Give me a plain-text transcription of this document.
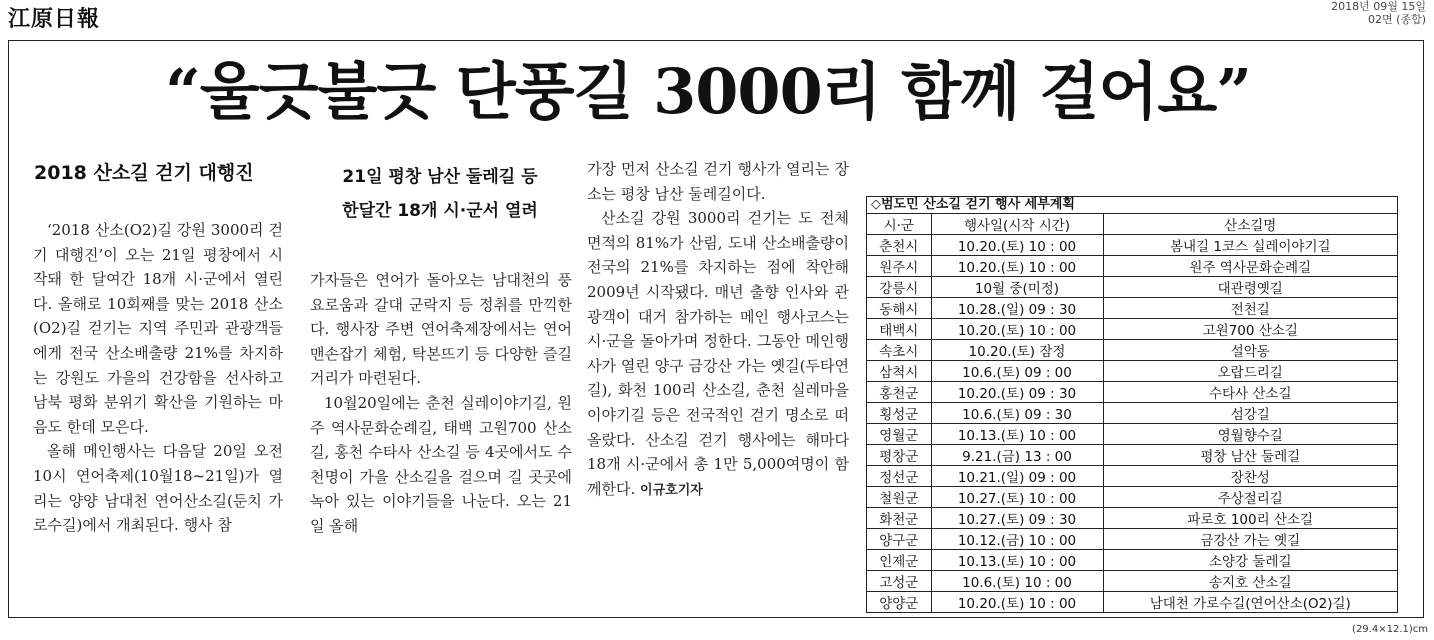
江原日報	2018년 09월 15일
02면 (종합)
“울긋불긋 단풍길 3000리 함께 걸어요”
2018 산소길 걷기 대행진	21일 평창 남산 둘레길 등
한달간 18개 시·군서 열려

‘2018 산소(O2)길 강원 3000리 걷기 대행진’이 오는 21일 평창에서 시작돼 한 달여간 18개 시·군에서 열린다. 올해로 10회째를 맞는 2018 산소(O2)길 걷기는 지역 주민과 관광객들에게 전국 산소배출량 21%를 차지하는 강원도 가을의 건강함을 선사하고 남북 평화 분위기 확산을 기원하는 마음도 한데 모은다.

올해 메인행사는 다음달 20일 오전 10시 연어축제(10월18~21일)가 열리는 양양 남대천 연어산소길(둔치 가로수길)에서 개최된다. 행사 참

가자들은 연어가 돌아오는 남대천의 풍요로움과 갈대 군락지 등 정취를 만끽한다. 행사장 주변 연어축제장에서는 연어 맨손잡기 체험, 탁본뜨기 등 다양한 즐길 거리가 마련된다.

10월20일에는 춘천 실레이야기길, 원주 역사문화순례길, 태백 고원700 산소길, 홍천 수타사 산소길 등 4곳에서도 수천명이 가을 산소길을 걸으며 길 곳곳에 녹아 있는 이야기들을 나눈다. 오는 21일 올해

가장 먼저 산소길 걷기 행사가 열리는 장소는 평창 남산 둘레길이다.

산소길 강원 3000리 걷기는 도 전체 면적의 81%가 산림, 도내 산소배출량이 전국의 21%를 차지하는 점에 착안해 2009년 시작됐다. 매년 출향 인사와 관광객이 대거 참가하는 메인 행사코스는 시·군을 돌아가며 정한다. 그동안 메인행사가 열린 양구 금강산 가는 옛길(두타연길), 화천 100리 산소길, 춘천 실레마을 이야기길 등은 전국적인 걷기 명소로 떠올랐다. 산소길 걷기 행사에는 해마다 18개 시·군에서 총 1만 5,000여명이 함께한다. 이규호기자

◇범도민 산소길 걷기 행사 세부계획
시·군	행사일(시작 시간)	산소길명
춘천시	10.20.(토) 10 : 00	봄내길 1코스 실레이야기길
원주시	10.20.(토) 10 : 00	원주 역사문화순례길
강릉시	10월 중(미정)	대관령옛길
동해시	10.28.(일) 09 : 30	전천길
태백시	10.20.(토) 10 : 00	고원700 산소길
속초시	10.20.(토) 잠정	설악동
삼척시	10.6.(토) 09 : 00	오랍드리길
홍천군	10.20.(토) 09 : 30	수타사 산소길
횡성군	10.6.(토) 09 : 30	섬강길
영월군	10.13.(토) 10 : 00	영월향수길
평창군	9.21.(금) 13 : 00	평창 남산 둘레길
정선군	10.21.(일) 09 : 00	장찬성
철원군	10.27.(토) 10 : 00	주상절리길
화천군	10.27.(토) 09 : 30	파로호 100리 산소길
양구군	10.12.(금) 10 : 00	금강산 가는 옛길
인제군	10.13.(토) 10 : 00	소양강 둘레길
고성군	10.6.(토) 10 : 00	송지호 산소길
양양군	10.20.(토) 10 : 00	남대천 가로수길(연어산소(O2)길)
(29.4×12.1)cm
